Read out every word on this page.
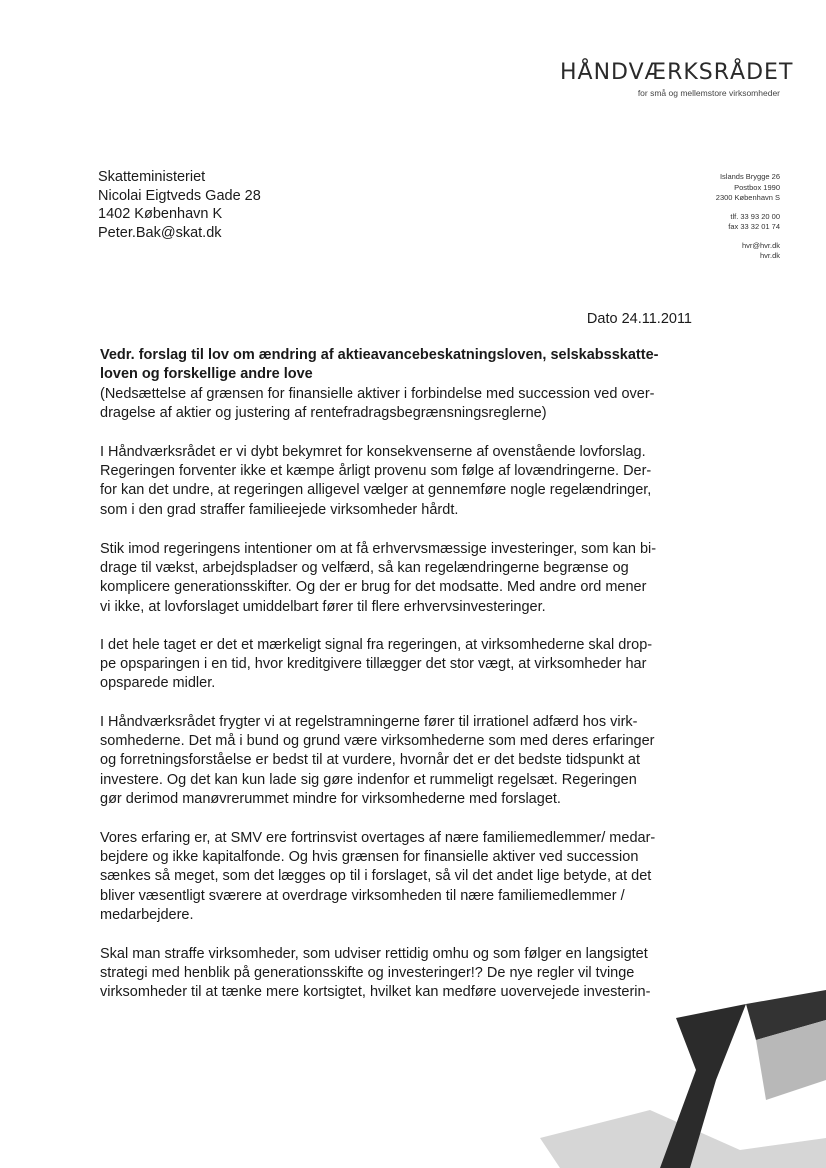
HÅNDVÆRKSRÅDET
for små og mellemstore virksomheder
Skatteministeriet
Nicolai Eigtveds Gade 28
1402 København K
Peter.Bak@skat.dk
Islands Brygge 26
Postbox 1990
2300 København S
tlf. 33 93 20 00
fax 33 32 01 74
hvr@hvr.dk
hvr.dk
Dato 24.11.2011
Vedr. forslag til lov om ændring af aktieavancebeskatningsloven, selskabsskatte-
loven og forskellige andre love
(Nedsættelse af grænsen for finansielle aktiver i forbindelse med succession ved over-
dragelse af aktier og justering af rentefradragsbegrænsningsreglerne)
I Håndværksrådet er vi dybt bekymret for konsekvenserne af ovenstående lovforslag.
Regeringen forventer ikke et kæmpe årligt provenu som følge af lovændringerne. Der-
for kan det undre, at regeringen alligevel vælger at gennemføre nogle regelændringer,
som i den grad straffer familieejede virksomheder hårdt.
Stik imod regeringens intentioner om at få erhvervsmæssige investeringer, som kan bi-
drage til vækst, arbejdspladser og velfærd, så kan regelændringerne begrænse og
komplicere generationsskifter. Og der er brug for det modsatte. Med andre ord mener
vi ikke, at lovforslaget umiddelbart fører til flere erhvervsinvesteringer.
I det hele taget er det et mærkeligt signal fra regeringen, at virksomhederne skal drop-
pe opsparingen i en tid, hvor kreditgivere tillægger det stor vægt, at virksomheder har
opsparede midler.
I Håndværksrådet frygter vi at regelstramningerne fører til irrationel adfærd hos virk-
somhederne. Det må i bund og grund være virksomhederne som med deres erfaringer
og forretningsforståelse er bedst til at vurdere, hvornår det er det bedste tidspunkt at
investere. Og det kan kun lade sig gøre indenfor et rummeligt regelsæt. Regeringen
gør derimod manøvrerummet mindre for virksomhederne med forslaget.
Vores erfaring er, at SMV ere fortrinsvist overtages af nære familiemedlemmer/ medar-
bejdere og ikke kapitalfonde. Og hvis grænsen for finansielle aktiver ved succession
sænkes så meget, som det lægges op til i forslaget, så vil det andet lige betyde, at det
bliver væsentligt sværere at overdrage virksomheden til nære familiemedlemmer /
medarbejdere.
Skal man straffe virksomheder, som udviser rettidig omhu og som følger en langsigtet
strategi med henblik på generationsskifte og investeringer!? De nye regler vil tvinge
virksomheder til at tænke mere kortsigtet, hvilket kan medføre uovervejede investerin-
